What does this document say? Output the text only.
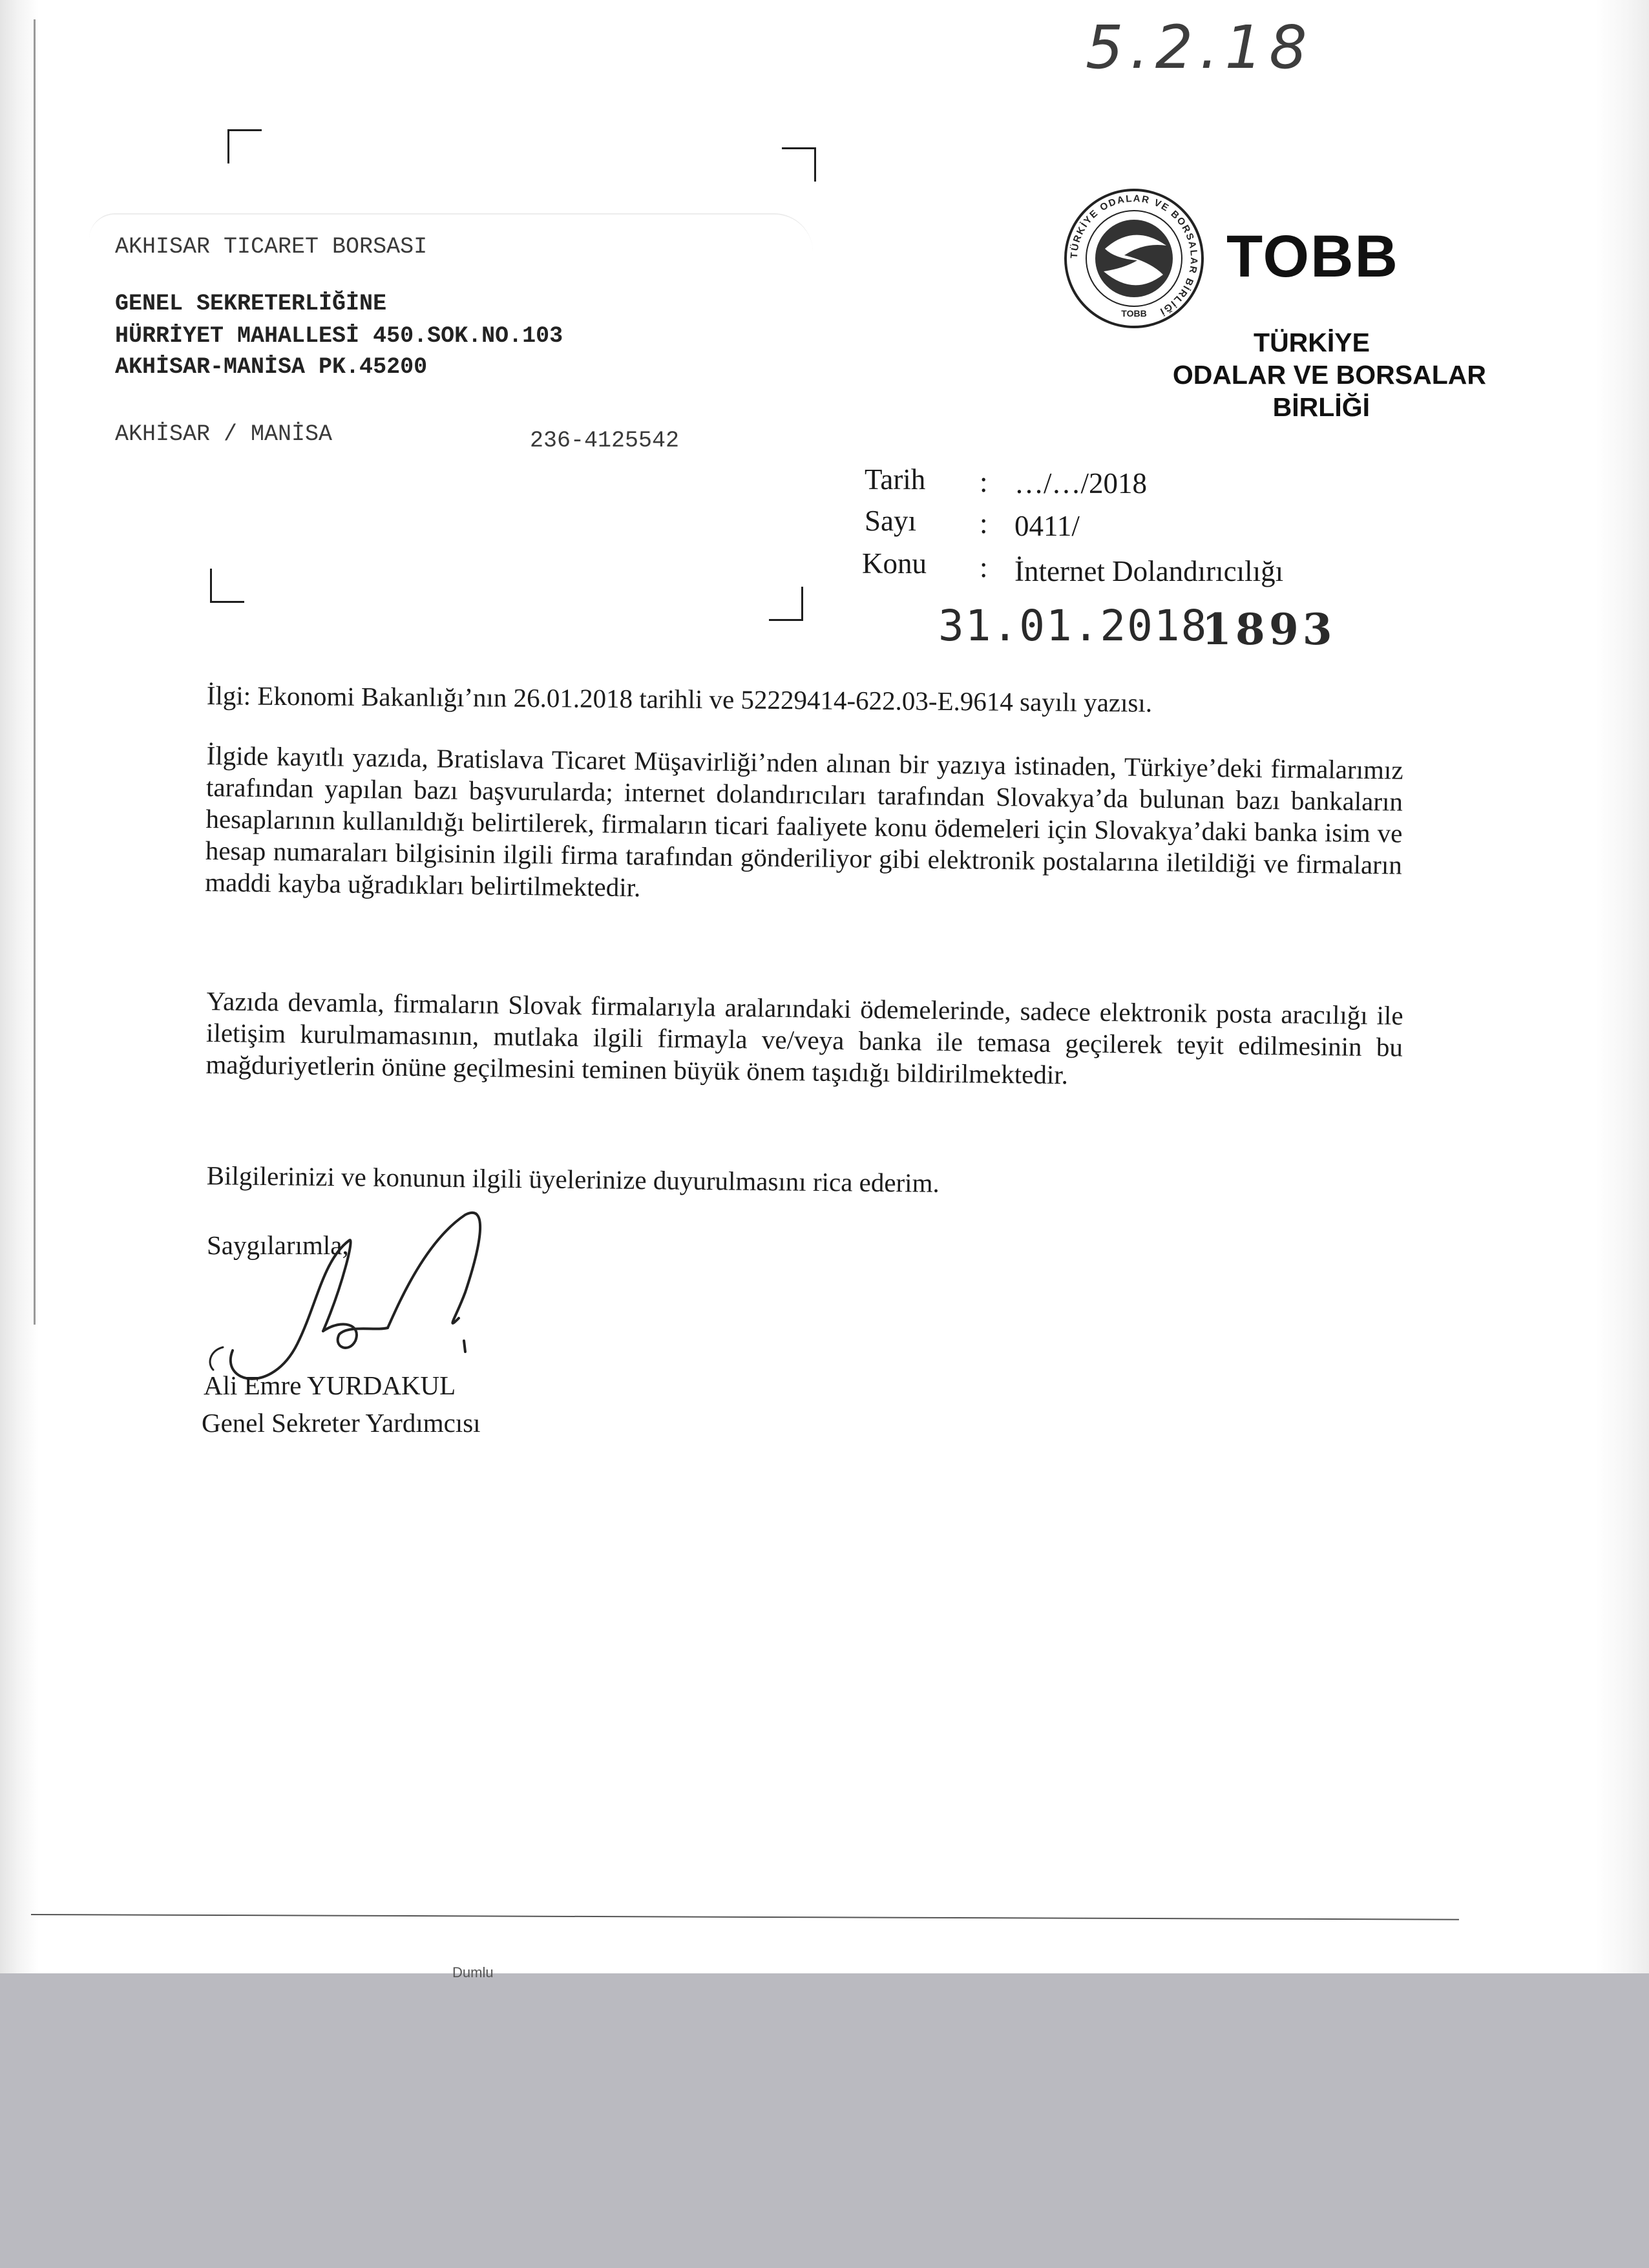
5.2.18
AKHISAR TICARET BORSASI
GENEL SEKRETERLİĞİNE
HÜRRİYET MAHALLESİ 450.SOK.NO.103
AKHİSAR-MANİSA PK.45200
AKHİSAR / MANİSA	236-4125542
TÜRKİYE ODALAR VE BORSALAR BİRLİĞİ
TOBB
TOBB
TÜRKİYE
ODALAR VE BORSALAR
BİRLİĞİ
Tarih : …/…/2018
Sayı : 0411/
Konu : İnternet Dolandırıcılığı
31.01.2018
1893
İlgi: Ekonomi Bakanlığı’nın 26.01.2018 tarihli ve 52229414-622.03-E.9614 sayılı yazısı.
İlgide kayıtlı yazıda, Bratislava Ticaret Müşavirliği’nden alınan bir yazıya istinaden, Türkiye’deki firmalarımız tarafından yapılan bazı başvurularda; internet dolandırıcıları tarafından Slovakya’da bulunan bazı bankaların hesaplarının kullanıldığı belirtilerek, firmaların ticari faaliyete konu ödemeleri için Slovakya’daki banka isim ve hesap numaraları bilgisinin ilgili firma tarafından gönderiliyor gibi elektronik postalarına iletildiği ve firmaların maddi kayba uğradıkları belirtilmektedir.
Yazıda devamla, firmaların Slovak firmalarıyla aralarındaki ödemelerinde, sadece elektronik posta aracılığı ile iletişim kurulmamasının, mutlaka ilgili firmayla ve/veya banka ile temasa geçilerek teyit edilmesinin bu mağduriyetlerin önüne geçilmesini teminen büyük önem taşıdığı bildirilmektedir.
Bilgilerinizi ve konunun ilgili üyelerinize duyurulmasını rica ederim.
Saygılarımla,
Ali Emre YURDAKUL
Genel Sekreter Yardımcısı
Dumlu
